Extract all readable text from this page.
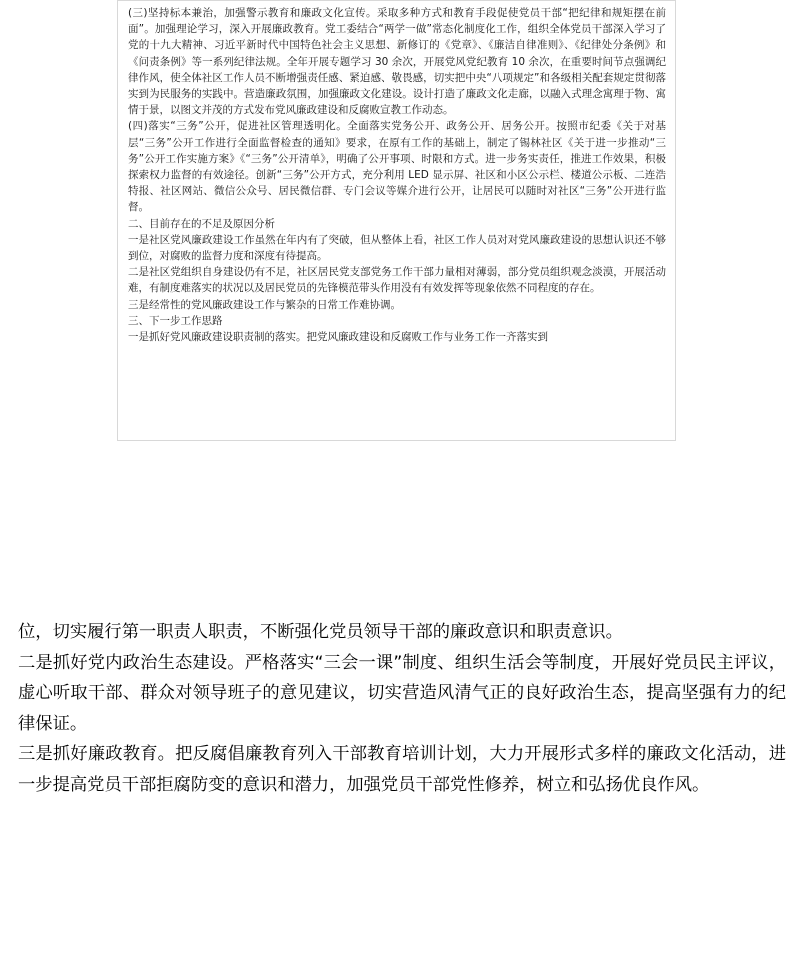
(三)坚持标本兼治，加强警示教育和廉政文化宣传。采取多种方式和教育手段促使党员干部“把纪律和规矩摆在前面”。加强理论学习，深入开展廉政教育。党工委结合“两学一做”常态化制度化工作，组织全体党员干部深入学习了党的十九大精神、习近平新时代中国特色社会主义思想、新修订的《党章》、《廉洁自律准则》、《纪律处分条例》和《问责条例》等一系列纪律法规。全年开展专题学习 30 余次，开展党风党纪教育 10 余次，在重要时间节点强调纪律作风，使全体社区工作人员不断增强责任感、紧迫感、敬畏感，切实把中央“八项规定”和各级相关配套规定贯彻落实到为民服务的实践中。营造廉政氛围，加强廉政文化建设。设计打造了廉政文化走廊，以融入式理念寓理于物、寓情于景，以图文并茂的方式发布党风廉政建设和反腐败宣教工作动态。

(四)落实“三务”公开，促进社区管理透明化。全面落实党务公开、政务公开、居务公开。按照市纪委《关于对基层“三务”公开工作进行全面监督检查的通知》要求，在原有工作的基础上，制定了锡林社区《关于进一步推动“三务”公开工作实施方案》《“三务”公开清单》，明确了公开事项、时限和方式。进一步务实责任，推进工作效果，积极探索权力监督的有效途径。创新“三务”公开方式，充分利用 LED 显示屏、社区和小区公示栏、楼道公示板、二连浩特报、社区网站、微信公众号、居民微信群、专门会议等媒介进行公开，让居民可以随时对社区“三务”公开进行监督。

二、目前存在的不足及原因分析

一是社区党风廉政建设工作虽然在年内有了突破，但从整体上看，社区工作人员对对党风廉政建设的思想认识还不够到位，对腐败的监督力度和深度有待提高。

二是社区党组织自身建设仍有不足，社区居民党支部党务工作干部力量相对薄弱，部分党员组织观念淡漠，开展活动难，有制度难落实的状况以及居民党员的先锋模范带头作用没有有效发挥等现象依然不同程度的存在。

三是经常性的党风廉政建设工作与繁杂的日常工作难协调。

三、下一步工作思路

一是抓好党风廉政建设职责制的落实。把党风廉政建设和反腐败工作与业务工作一齐落实到

位，切实履行第一职责人职责，不断强化党员领导干部的廉政意识和职责意识。

二是抓好党内政治生态建设。严格落实“三会一课”制度、组织生活会等制度，开展好党员民主评议，虚心听取干部、群众对领导班子的意见建议，切实营造风清气正的良好政治生态，提高坚强有力的纪律保证。

三是抓好廉政教育。把反腐倡廉教育列入干部教育培训计划，大力开展形式多样的廉政文化活动，进一步提高党员干部拒腐防变的意识和潜力，加强党员干部党性修养，树立和弘扬优良作风。
